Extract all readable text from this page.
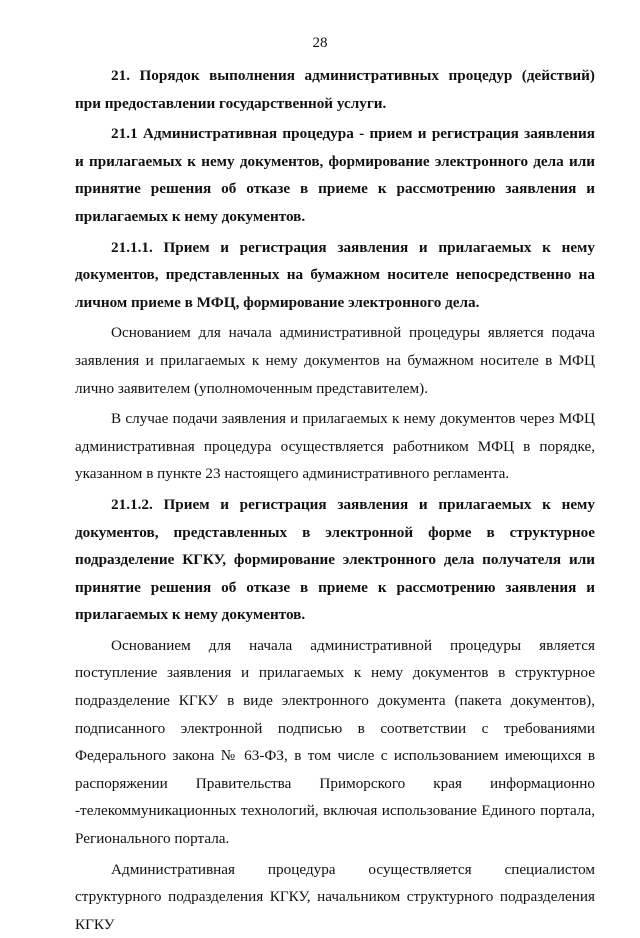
28

21. Порядок выполнения административных процедур (действий) при предоставлении государственной услуги.

21.1 Административная процедура - прием и регистрация заявления и прилагаемых к нему документов, формирование электронного дела или принятие решения об отказе в приеме к рассмотрению заявления и прилагаемых к нему документов.

21.1.1. Прием и регистрация заявления и прилагаемых к нему документов, представленных на бумажном носителе непосредственно на личном приеме в МФЦ, формирование электронного дела.

Основанием для начала административной процедуры является подача заявления и прилагаемых к нему документов на бумажном носителе в МФЦ лично заявителем (уполномоченным представителем).

В случае подачи заявления и прилагаемых к нему документов через МФЦ административная процедура осуществляется работником МФЦ в порядке, указанном в пункте 23 настоящего административного регламента.

21.1.2. Прием и регистрация заявления и прилагаемых к нему документов, представленных в электронной форме в структурное подразделение КГКУ, формирование электронного дела получателя или принятие решения об отказе в приеме к рассмотрению заявления и прилагаемых к нему документов.

Основанием для начала административной процедуры является поступление заявления и прилагаемых к нему документов в структурное подразделение КГКУ в виде электронного документа (пакета документов), подписанного электронной подписью в соответствии с требованиями Федерального закона № 63-ФЗ, в том числе с использованием имеющихся в распоряжении Правительства Приморского края информационно -телекоммуникационных технологий, включая использование Единого портала, Регионального портала.

Административная процедура осуществляется специалистом структурного подразделения КГКУ, начальником структурного подразделения КГКУ
